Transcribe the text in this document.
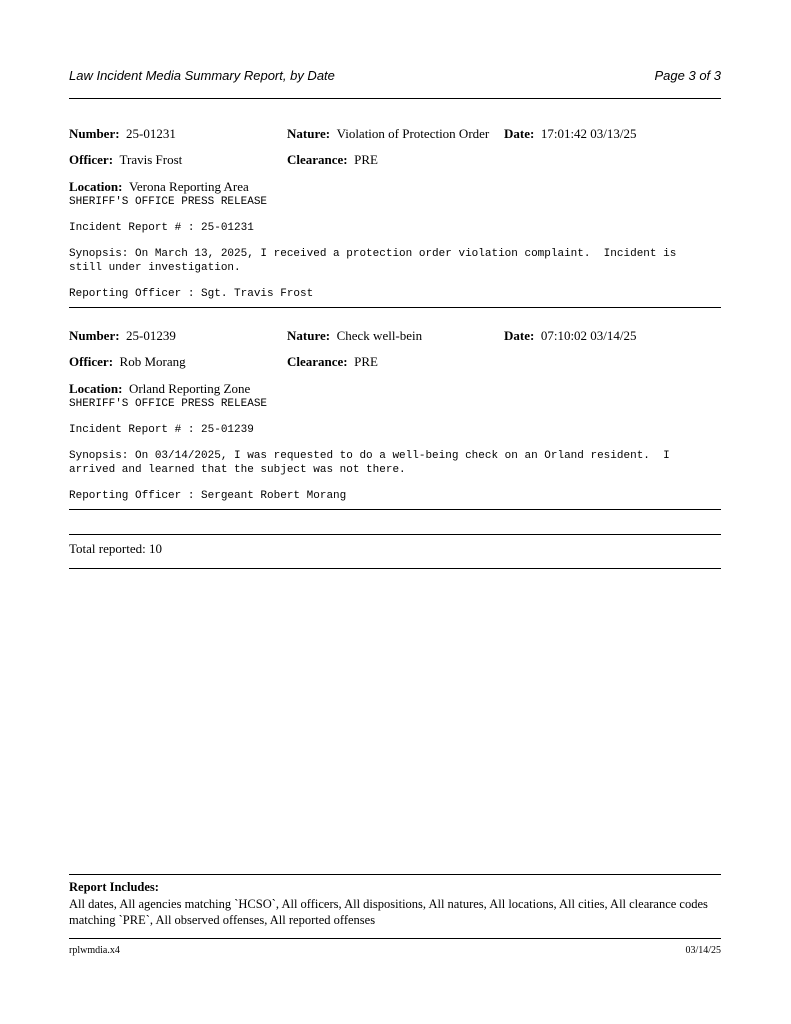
Law Incident Media Summary Report, by Date	Page 3 of 3
Number: 25-01231	Nature: Violation of Protection Order Date: 17:01:42 03/13/25
Officer: Travis Frost	Clearance: PRE
Location: Verona Reporting Area
SHERIFF'S OFFICE PRESS RELEASE
Incident Report # : 25-01231
Synopsis: On March 13, 2025, I received a protection order violation complaint.  Incident is
still under investigation.
Reporting Officer : Sgt. Travis Frost
Number: 25-01239	Nature: Check well-bein	Date: 07:10:02 03/14/25
Officer: Rob Morang	Clearance: PRE
Location: Orland Reporting Zone
SHERIFF'S OFFICE PRESS RELEASE
Incident Report # : 25-01239
Synopsis: On 03/14/2025, I was requested to do a well-being check on an Orland resident.  I
arrived and learned that the subject was not there.
Reporting Officer : Sergeant Robert Morang
Total reported: 10
Report Includes:
All dates, All agencies matching `HCSO`, All officers, All dispositions, All natures, All locations, All cities, All clearance codes matching `PRE`, All observed offenses, All reported offenses
rplwmdia.x4	03/14/25
